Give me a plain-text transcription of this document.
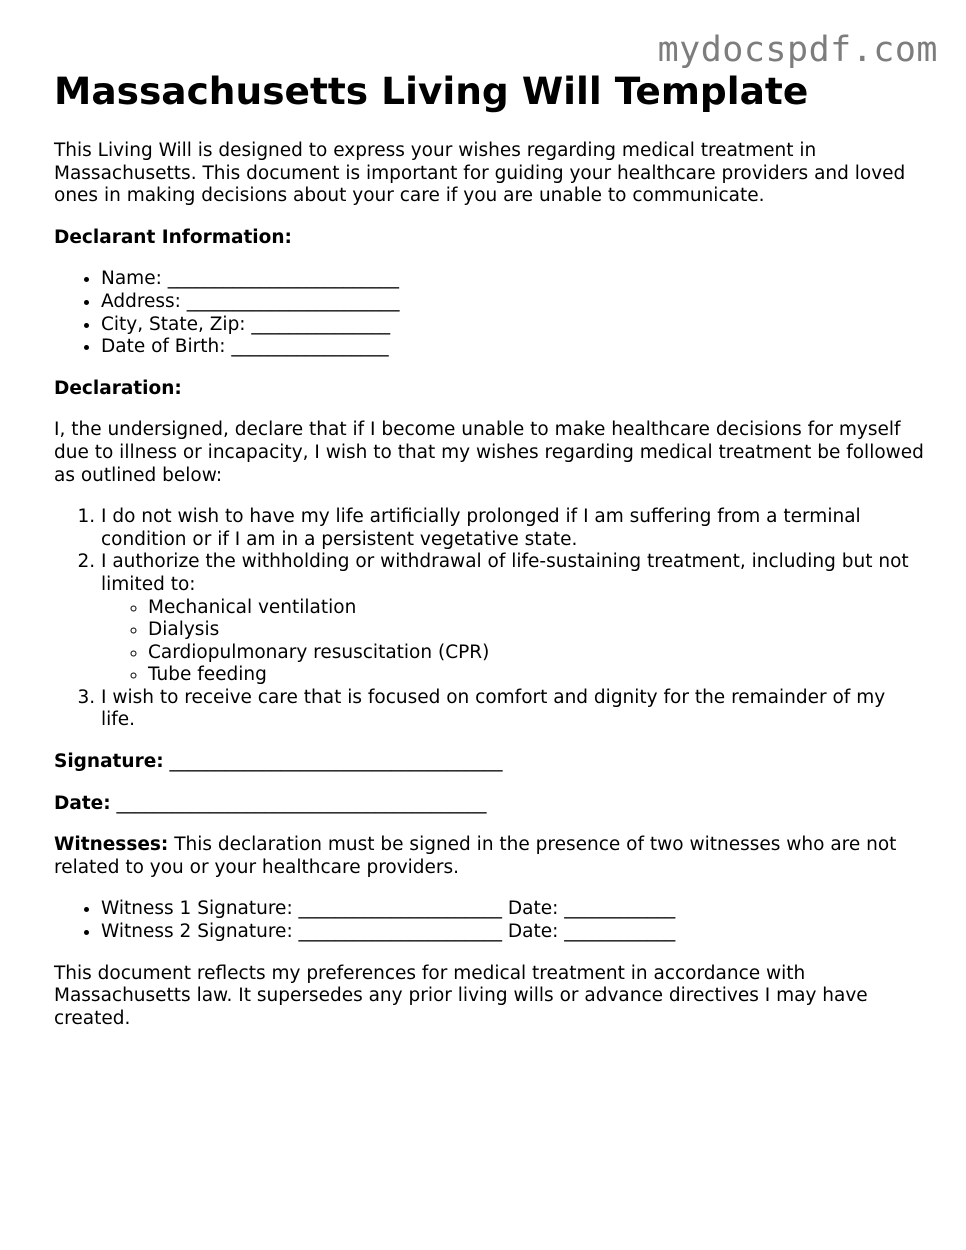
mydocspdf.com
Massachusetts Living Will Template

This Living Will is designed to express your wishes regarding medical treatment in Massachusetts. This document is important for guiding your healthcare providers and loved ones in making decisions about your care if you are unable to communicate.

Declarant Information:

• Name: _________________________
• Address: _______________________
• City, State, Zip: _______________
• Date of Birth: _________________

Declaration:

I, the undersigned, declare that if I become unable to make healthcare decisions for myself due to illness or incapacity, I wish to that my wishes regarding medical treatment be followed as outlined below:

1. I do not wish to have my life artificially prolonged if I am suffering from a terminal condition or if I am in a persistent vegetative state.
2. I authorize the withholding or withdrawal of life-sustaining treatment, including but not limited to:
◦ Mechanical ventilation
◦ Dialysis
◦ Cardiopulmonary resuscitation (CPR)
◦ Tube feeding
3. I wish to receive care that is focused on comfort and dignity for the remainder of my life.

Signature: ____________________________________

Date: ________________________________________

Witnesses: This declaration must be signed in the presence of two witnesses who are not related to you or your healthcare providers.

• Witness 1 Signature: ______________________ Date: ____________
• Witness 2 Signature: ______________________ Date: ____________

This document reflects my preferences for medical treatment in accordance with Massachusetts law. It supersedes any prior living wills or advance directives I may have created.
